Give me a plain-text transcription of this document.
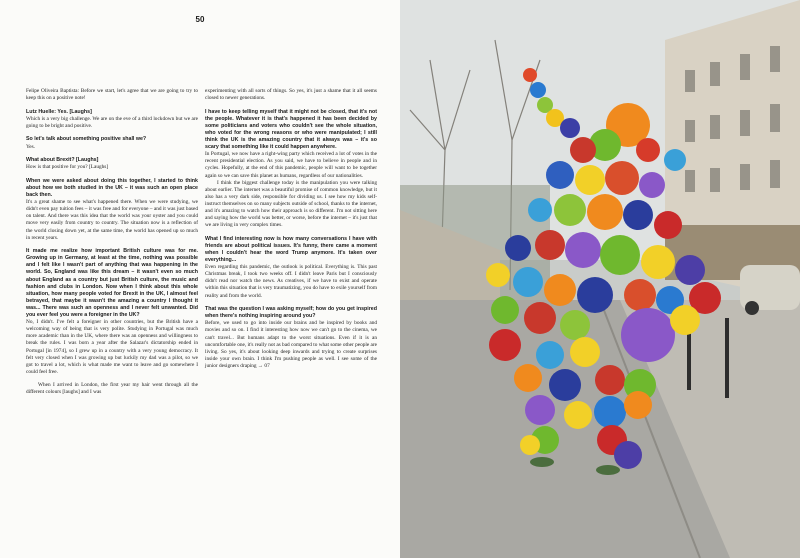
50

Felipe Oliveira Baptista: Before we start, let's agree that we are going to try to keep this on a positive note!

Lutz Huelle: Yes. [Laughs]

Which is a very big challenge. We are on the eve of a third lockdown but we are going to be bright and positive.

So let's talk about something positive shall we?

Yes.

What about Brexit? [Laughs]

How is that positive for you? [Laughs]

When we were asked about doing this together, I started to think about how we both studied in the UK – it was such an open place back then.

It's a great shame to see what's happened there. When we were studying, we didn't even pay tuition fees – it was free and for everyone – and it was just based on talent. And there was this idea that the world was your oyster and you could move very easily from country to country. The situation now is a reflection of the world closing down yet, at the same time, the world has opened up so much in recent years.

It made me realize how important British culture was for me. Growing up in Germany, at least at the time, nothing was possible and I felt like I wasn't part of anything that was happening in the world. So, England was like this dream – it wasn't even so much about England as a country but just British culture, the music and fashion and clubs in London. Now when I think about this whole situation, how many people voted for Brexit in the UK, I almost feel betrayed, that maybe it wasn't the amazing a country I thought it was... There was such an openness and I never felt unwanted. Did you ever feel you were a foreigner in the UK?

No, I didn't. I've felt a foreigner in other countries, but the British have a welcoming way of being that is very polite. Studying in Portugal was much more academic than in the UK, where there was an openness and willingness to break the rules. I was born a year after the Salazar's dictatorship ended in Portugal [in 1974], so I grew up in a country with a very young democracy. It felt very closed when I was growing up but luckily my dad was a pilot, so we got to travel a lot, which is what made me want to leave and go somewhere I could feel free.

When I arrived in London, the first year my hair went through all the different colours [laughs] and I was

experimenting with all sorts of things. So yes, it's just a shame that it all seems closed to newer generations.

I have to keep telling myself that it might not be closed, that it's not the people. Whatever it is that's happened it has been decided by some politicians and voters who couldn't see the whole situation, who voted for the wrong reasons or who were manipulated; I still think the UK is the amazing country that it always was – it's so scary that something like it could happen anywhere.

In Portugal, we now have a right-wing party which received a lot of votes in the recent presidential election. As you said, we have to believe in people and in cycles. Hopefully, at the end of this pandemic, people will want to be together again so we can save this planet as humans, regardless of our nationalities.

I think the biggest challenge today is the manipulation you were talking about earlier. The internet was a beautiful promise of common knowledge, but it also has a very dark side, responsible for dividing us. I see how my kids self-instruct themselves on so many subjects outside of school, thanks to the internet, and it's amazing to watch how their approach is so different. I'm not sitting here and saying how the world was better, or worse, before the internet – it's just that we are living in very complex times.

What I find interesting now is how many conversations I have with friends are about political issues. It's funny, there came a moment when I couldn't hear the word Trump anymore. It's taken over everything...

Even regarding this pandemic, the outlook is political. Everything is. This past Christmas break, I took two weeks off. I didn't leave Paris but I consciously didn't read nor watch the news. As creatives, if we have to exist and operate within this situation that is very traumatizing, you do have to exile yourself from reality and from the world.

That was the question I was asking myself; how do you get inspired when there's nothing inspiring around you?

Before, we used to go into inside our brains and be inspired by books and movies and so on. I find it interesting how now we can't go to the cinema, we can't travel... But humans adapt to the worst situations. Even if it is an uncomfortable one, it's really not as bad compared to what some other people are living. So yes, it's about looking deep inwards and trying to create surprises inside your own brain. I think I'm pushing people as well. I see some of the junior designers draping → 07
